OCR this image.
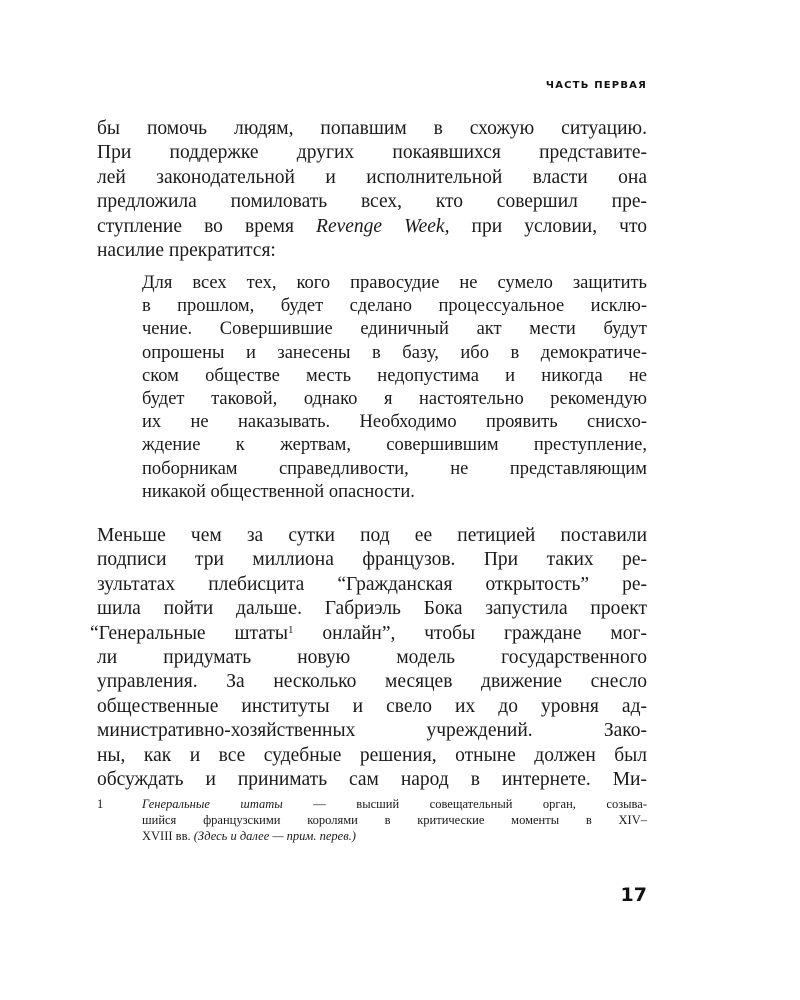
ЧАСТЬ ПЕРВАЯ
бы помочь людям, попавшим в схожую ситуацию.
При поддержке других покаявшихся представите-
лей законодательной и исполнительной власти она
предложила помиловать всех, кто совершил пре-
ступление во время Revenge Week, при условии, что
насилие прекратится:
Для всех тех, кого правосудие не сумело защитить
в прошлом, будет сделано процессуальное исклю-
чение. Совершившие единичный акт мести будут
опрошены и занесены в базу, ибо в демократиче-
ском обществе месть недопустима и никогда не
будет таковой, однако я настоятельно рекомендую
их не наказывать. Необходимо проявить снисхо-
ждение к жертвам, совершившим преступление,
поборникам справедливости, не представляющим
никакой общественной опасности.
Меньше чем за сутки под ее петицией поставили
подписи три миллиона французов. При таких ре-
зультатах плебисцита “Гражданская открытость” ре-
шила пойти дальше. Габриэль Бока запустила проект
“Генеральные штаты$^1$ онлайн”, чтобы граждане мог-
ли придумать новую модель государственного
управления. За несколько месяцев движение снесло
общественные институты и свело их до уровня ад-
министративно-хозяйственных учреждений. Зако-
ны, как и все судебные решения, отныне должен был
обсуждать и принимать сам народ в интернете. Ми-
1	Генеральные штаты — высший совещательный орган, созыва-
шийся французскими королями в критические моменты в XIV–
XVIII вв. (Здесь и далее — прим. перев.)
17
